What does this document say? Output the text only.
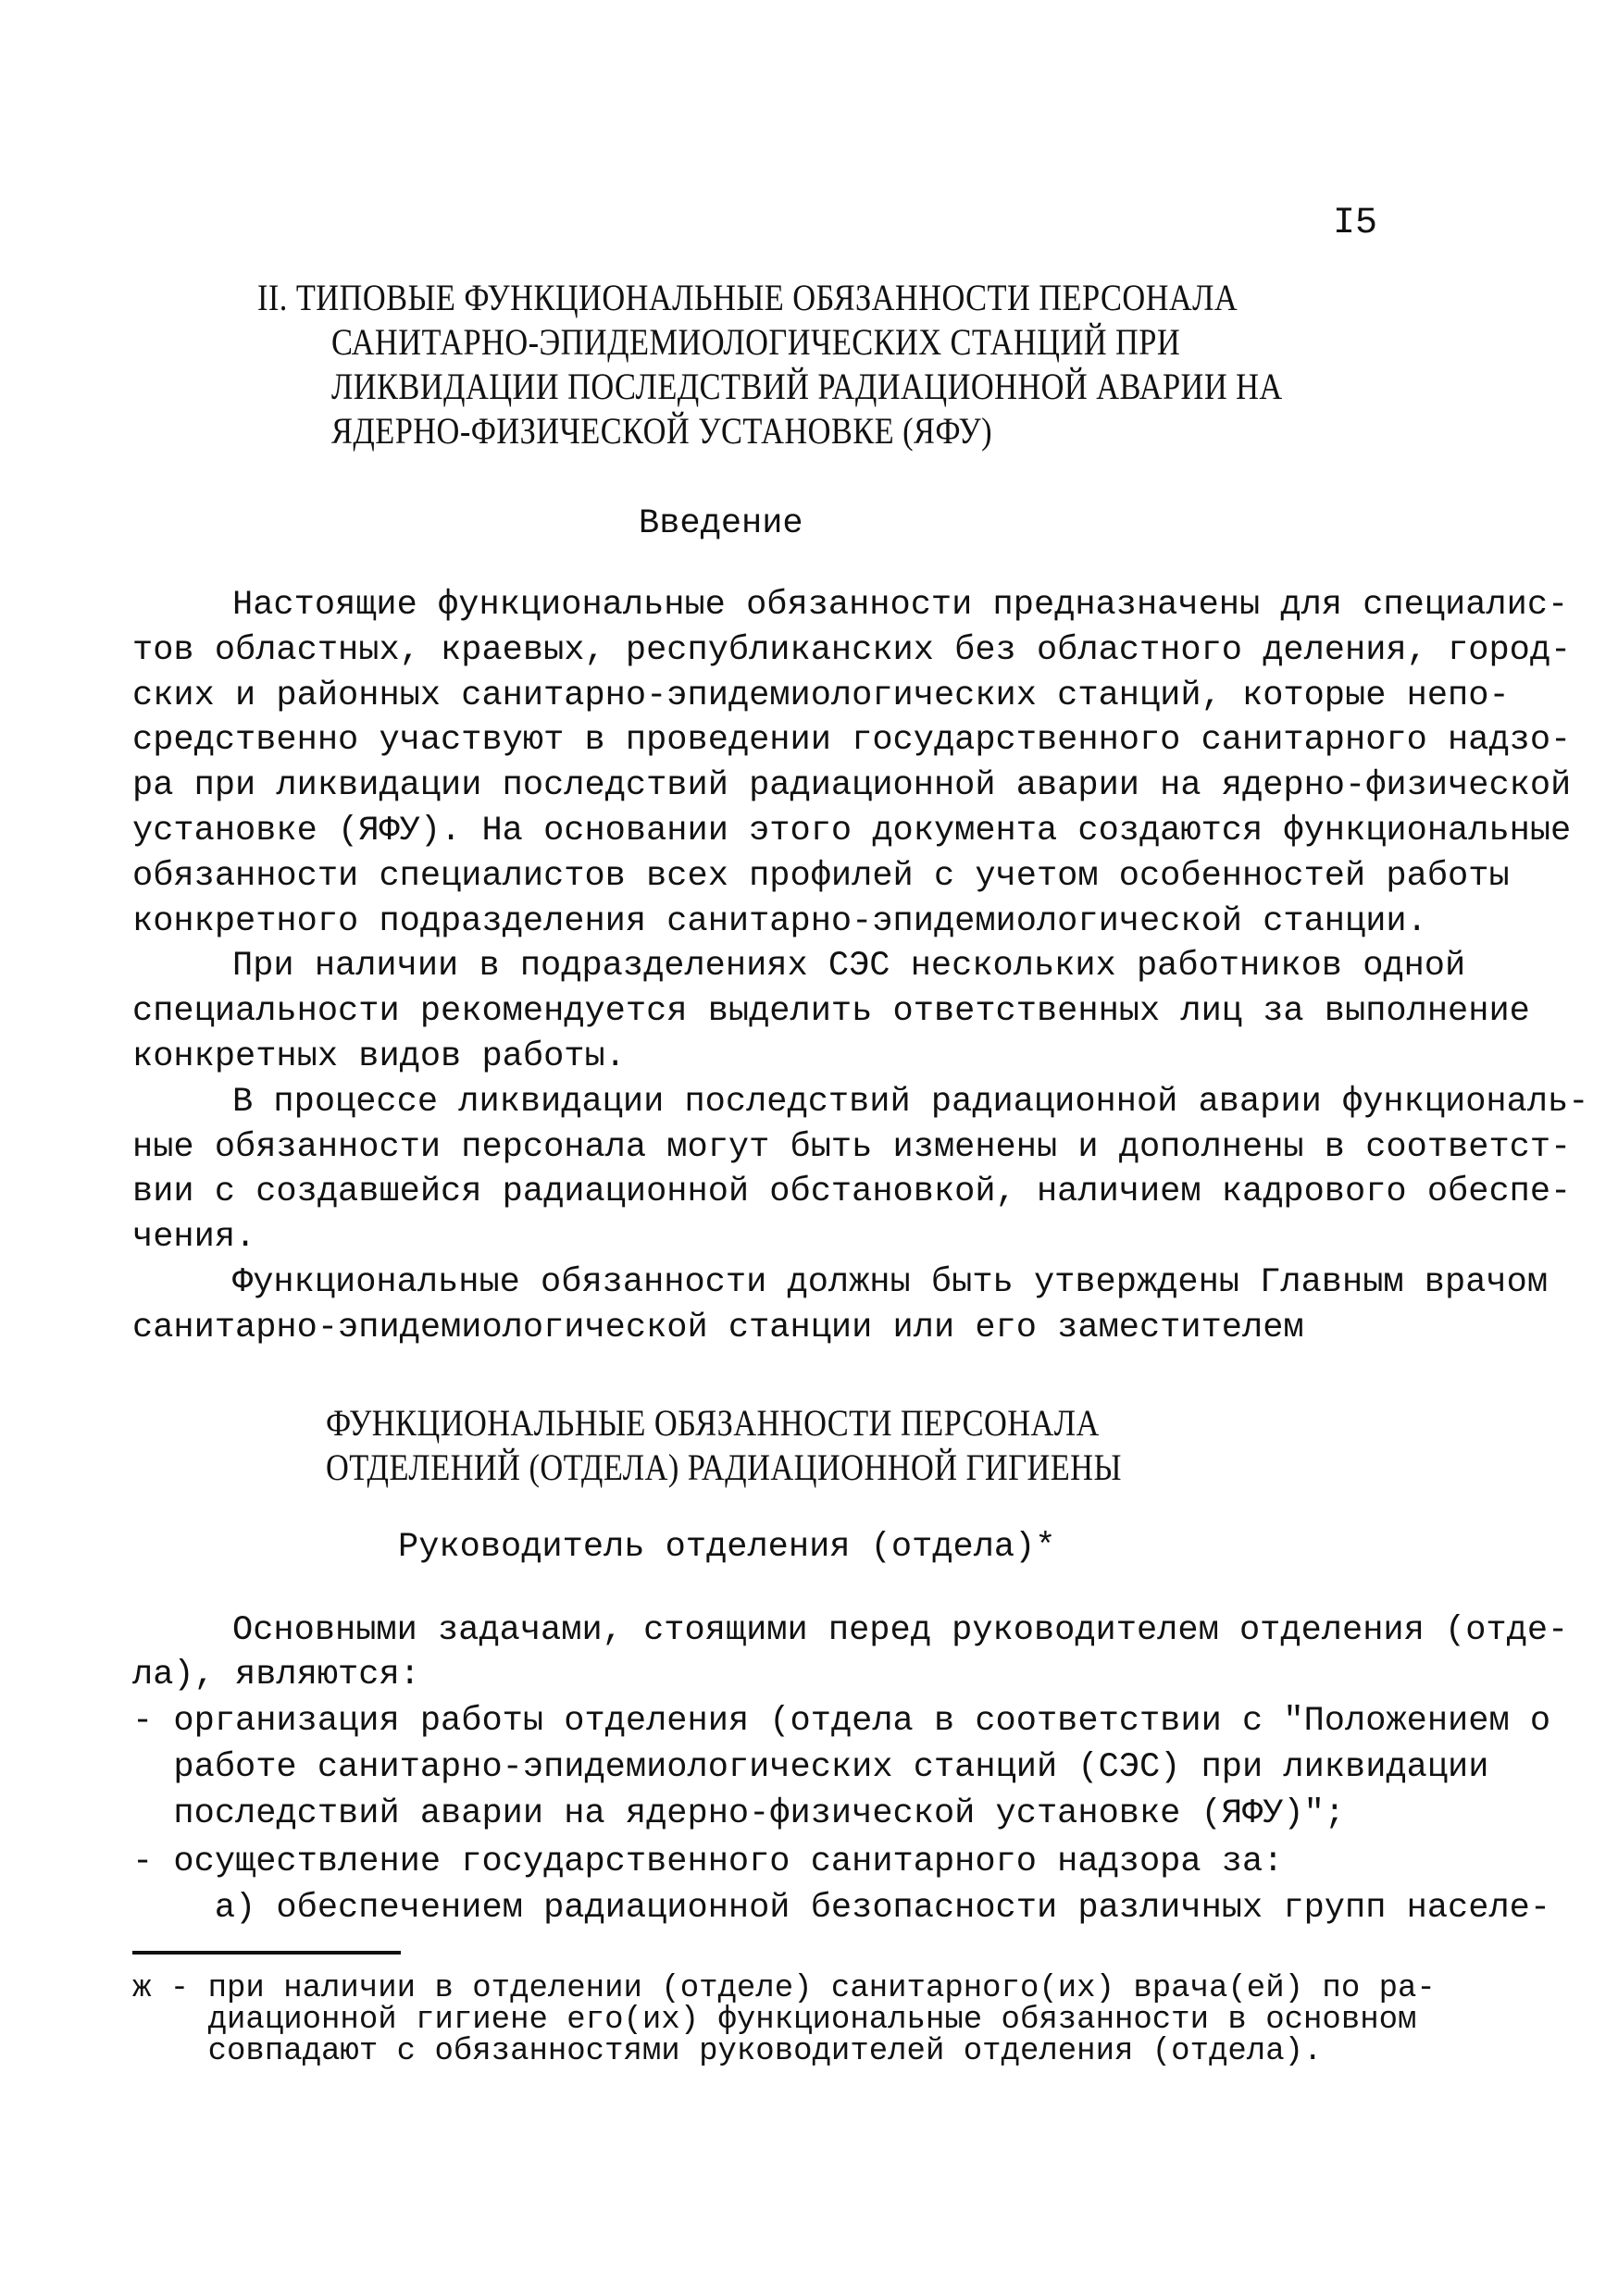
I5
II. ТИПОВЫЕ ФУНКЦИОНАЛЬНЫЕ ОБЯЗАННОСТИ ПЕРСОНАЛА
САНИТАРНО-ЭПИДЕМИОЛОГИЧЕСКИХ СТАНЦИЙ ПРИ
ЛИКВИДАЦИИ ПОСЛЕДСТВИЙ РАДИАЦИОННОЙ АВАРИИ НА
ЯДЕРНО-ФИЗИЧЕСКОЙ УСТАНОВКЕ (ЯФУ)
Введение
Настоящие функциональные обязанности предназначены для специалис-
тов областных, краевых, республиканских без областного деления, город-
ских и районных санитарно-эпидемиологических станций, которые непо-
средственно участвуют в проведении государственного санитарного надзо-
ра при ликвидации последствий радиационной аварии на ядерно-физической
установке (ЯФУ). На основании этого документа создаются функциональные
обязанности специалистов всех профилей с учетом особенностей работы
конкретного подразделения санитарно-эпидемиологической станции.
При наличии в подразделениях СЭС нескольких работников одной
специальности рекомендуется выделить ответственных лиц за выполнение
конкретных видов работы.
В процессе ликвидации последствий радиационной аварии функциональ-
ные обязанности персонала могут быть изменены и дополнены в соответст-
вии с создавшейся радиационной обстановкой, наличием кадрового обеспе-
чения.
Функциональные обязанности должны быть утверждены Главным врачом
санитарно-эпидемиологической станции или его заместителем
ФУНКЦИОНАЛЬНЫЕ ОБЯЗАННОСТИ ПЕРСОНАЛА
ОТДЕЛЕНИЙ (ОТДЕЛА) РАДИАЦИОННОЙ ГИГИЕНЫ
Руководитель отделения (отдела)*
Основными задачами, стоящими перед руководителем отделения (отде-
ла), являются:
- организация работы отделения (отдела в соответствии с "Положением о
работе санитарно-эпидемиологических станций (СЭС) при ликвидации
последствий аварии на ядерно-физической установке (ЯФУ)";
- осуществление государственного санитарного надзора за:
а) обеспечением радиационной безопасности различных групп населе-
ж - при наличии в отделении (отделе) санитарного(их) врача(ей) по ра-
диационной гигиене его(их) функциональные обязанности в основном
совпадают с обязанностями руководителей отделения (отдела).
